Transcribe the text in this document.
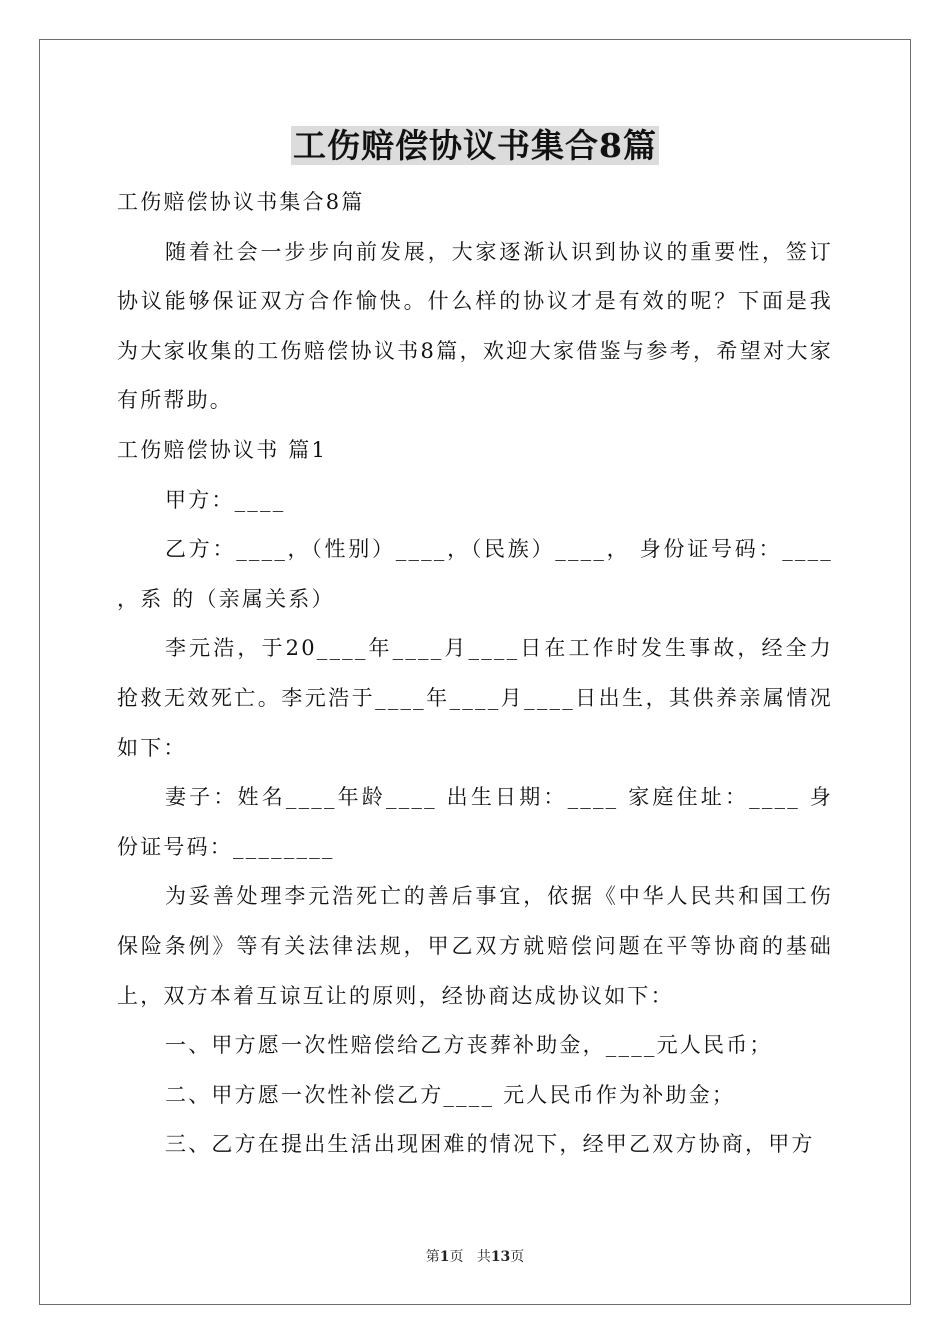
工伤赔偿协议书集合8篇

工伤赔偿协议书集合8篇

随着社会一步步向前发展，大家逐渐认识到协议的重要性，签订协议能够保证双方合作愉快。什么样的协议才是有效的呢？下面是我为大家收集的工伤赔偿协议书8篇，欢迎大家借鉴与参考，希望对大家有所帮助。

工伤赔偿协议书 篇1

甲方：____

乙方：____，（性别）____，（民族）____， 身份证号码：____ ，系 的（亲属关系）

李元浩，于20____年____月____日在工作时发生事故，经全力抢救无效死亡。李元浩于____年____月____日出生，其供养亲属情况如下：

妻子：姓名____年龄____ 出生日期：____ 家庭住址：____ 身份证号码：________

为妥善处理李元浩死亡的善后事宜，依据《中华人民共和国工伤保险条例》等有关法律法规，甲乙双方就赔偿问题在平等协商的基础上，双方本着互谅互让的原则，经协商达成协议如下：

一、甲方愿一次性赔偿给乙方丧葬补助金，____元人民币；

二、甲方愿一次性补偿乙方____ 元人民币作为补助金；

三、乙方在提出生活出现困难的情况下，经甲乙双方协商，甲方

第1页 共13页
